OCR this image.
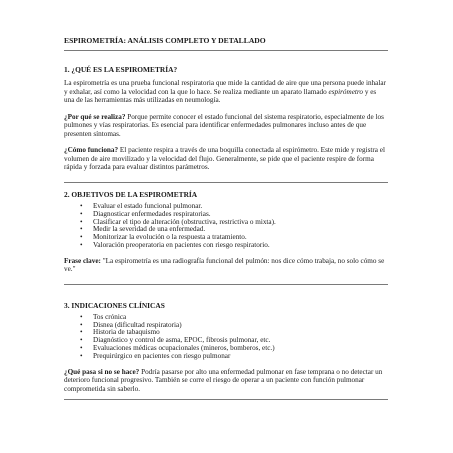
ESPIROMETRÍA: ANÁLISIS COMPLETO Y DETALLADO
1. ¿QUÉ ES LA ESPIROMETRÍA?

La espirometría es una prueba funcional respiratoria que mide la cantidad de aire que una persona puede inhalar y exhalar, así como la velocidad con la que lo hace. Se realiza mediante un aparato llamado espirómetro y es una de las herramientas más utilizadas en neumología.

¿Por qué se realiza? Porque permite conocer el estado funcional del sistema respiratorio, especialmente de los pulmones y vías respiratorias. Es esencial para identificar enfermedades pulmonares incluso antes de que presenten síntomas.

¿Cómo funciona? El paciente respira a través de una boquilla conectada al espirómetro. Este mide y registra el volumen de aire movilizado y la velocidad del flujo. Generalmente, se pide que el paciente respire de forma rápida y forzada para evaluar distintos parámetros.

2. OBJETIVOS DE LA ESPIROMETRÍA
• Evaluar el estado funcional pulmonar.
• Diagnosticar enfermedades respiratorias.
• Clasificar el tipo de alteración (obstructiva, restrictiva o mixta).
• Medir la severidad de una enfermedad.
• Monitorizar la evolución o la respuesta a tratamiento.
• Valoración preoperatoria en pacientes con riesgo respiratorio.

Frase clave: "La espirometría es una radiografía funcional del pulmón: nos dice cómo trabaja, no solo cómo se ve."

3. INDICACIONES CLÍNICAS
• Tos crónica
• Disnea (dificultad respiratoria)
• Historia de tabaquismo
• Diagnóstico y control de asma, EPOC, fibrosis pulmonar, etc.
• Evaluaciones médicas ocupacionales (mineros, bomberos, etc.)
• Prequirúrgico en pacientes con riesgo pulmonar

¿Qué pasa si no se hace? Podría pasarse por alto una enfermedad pulmonar en fase temprana o no detectar un deterioro funcional progresivo. También se corre el riesgo de operar a un paciente con función pulmonar comprometida sin saberlo.
